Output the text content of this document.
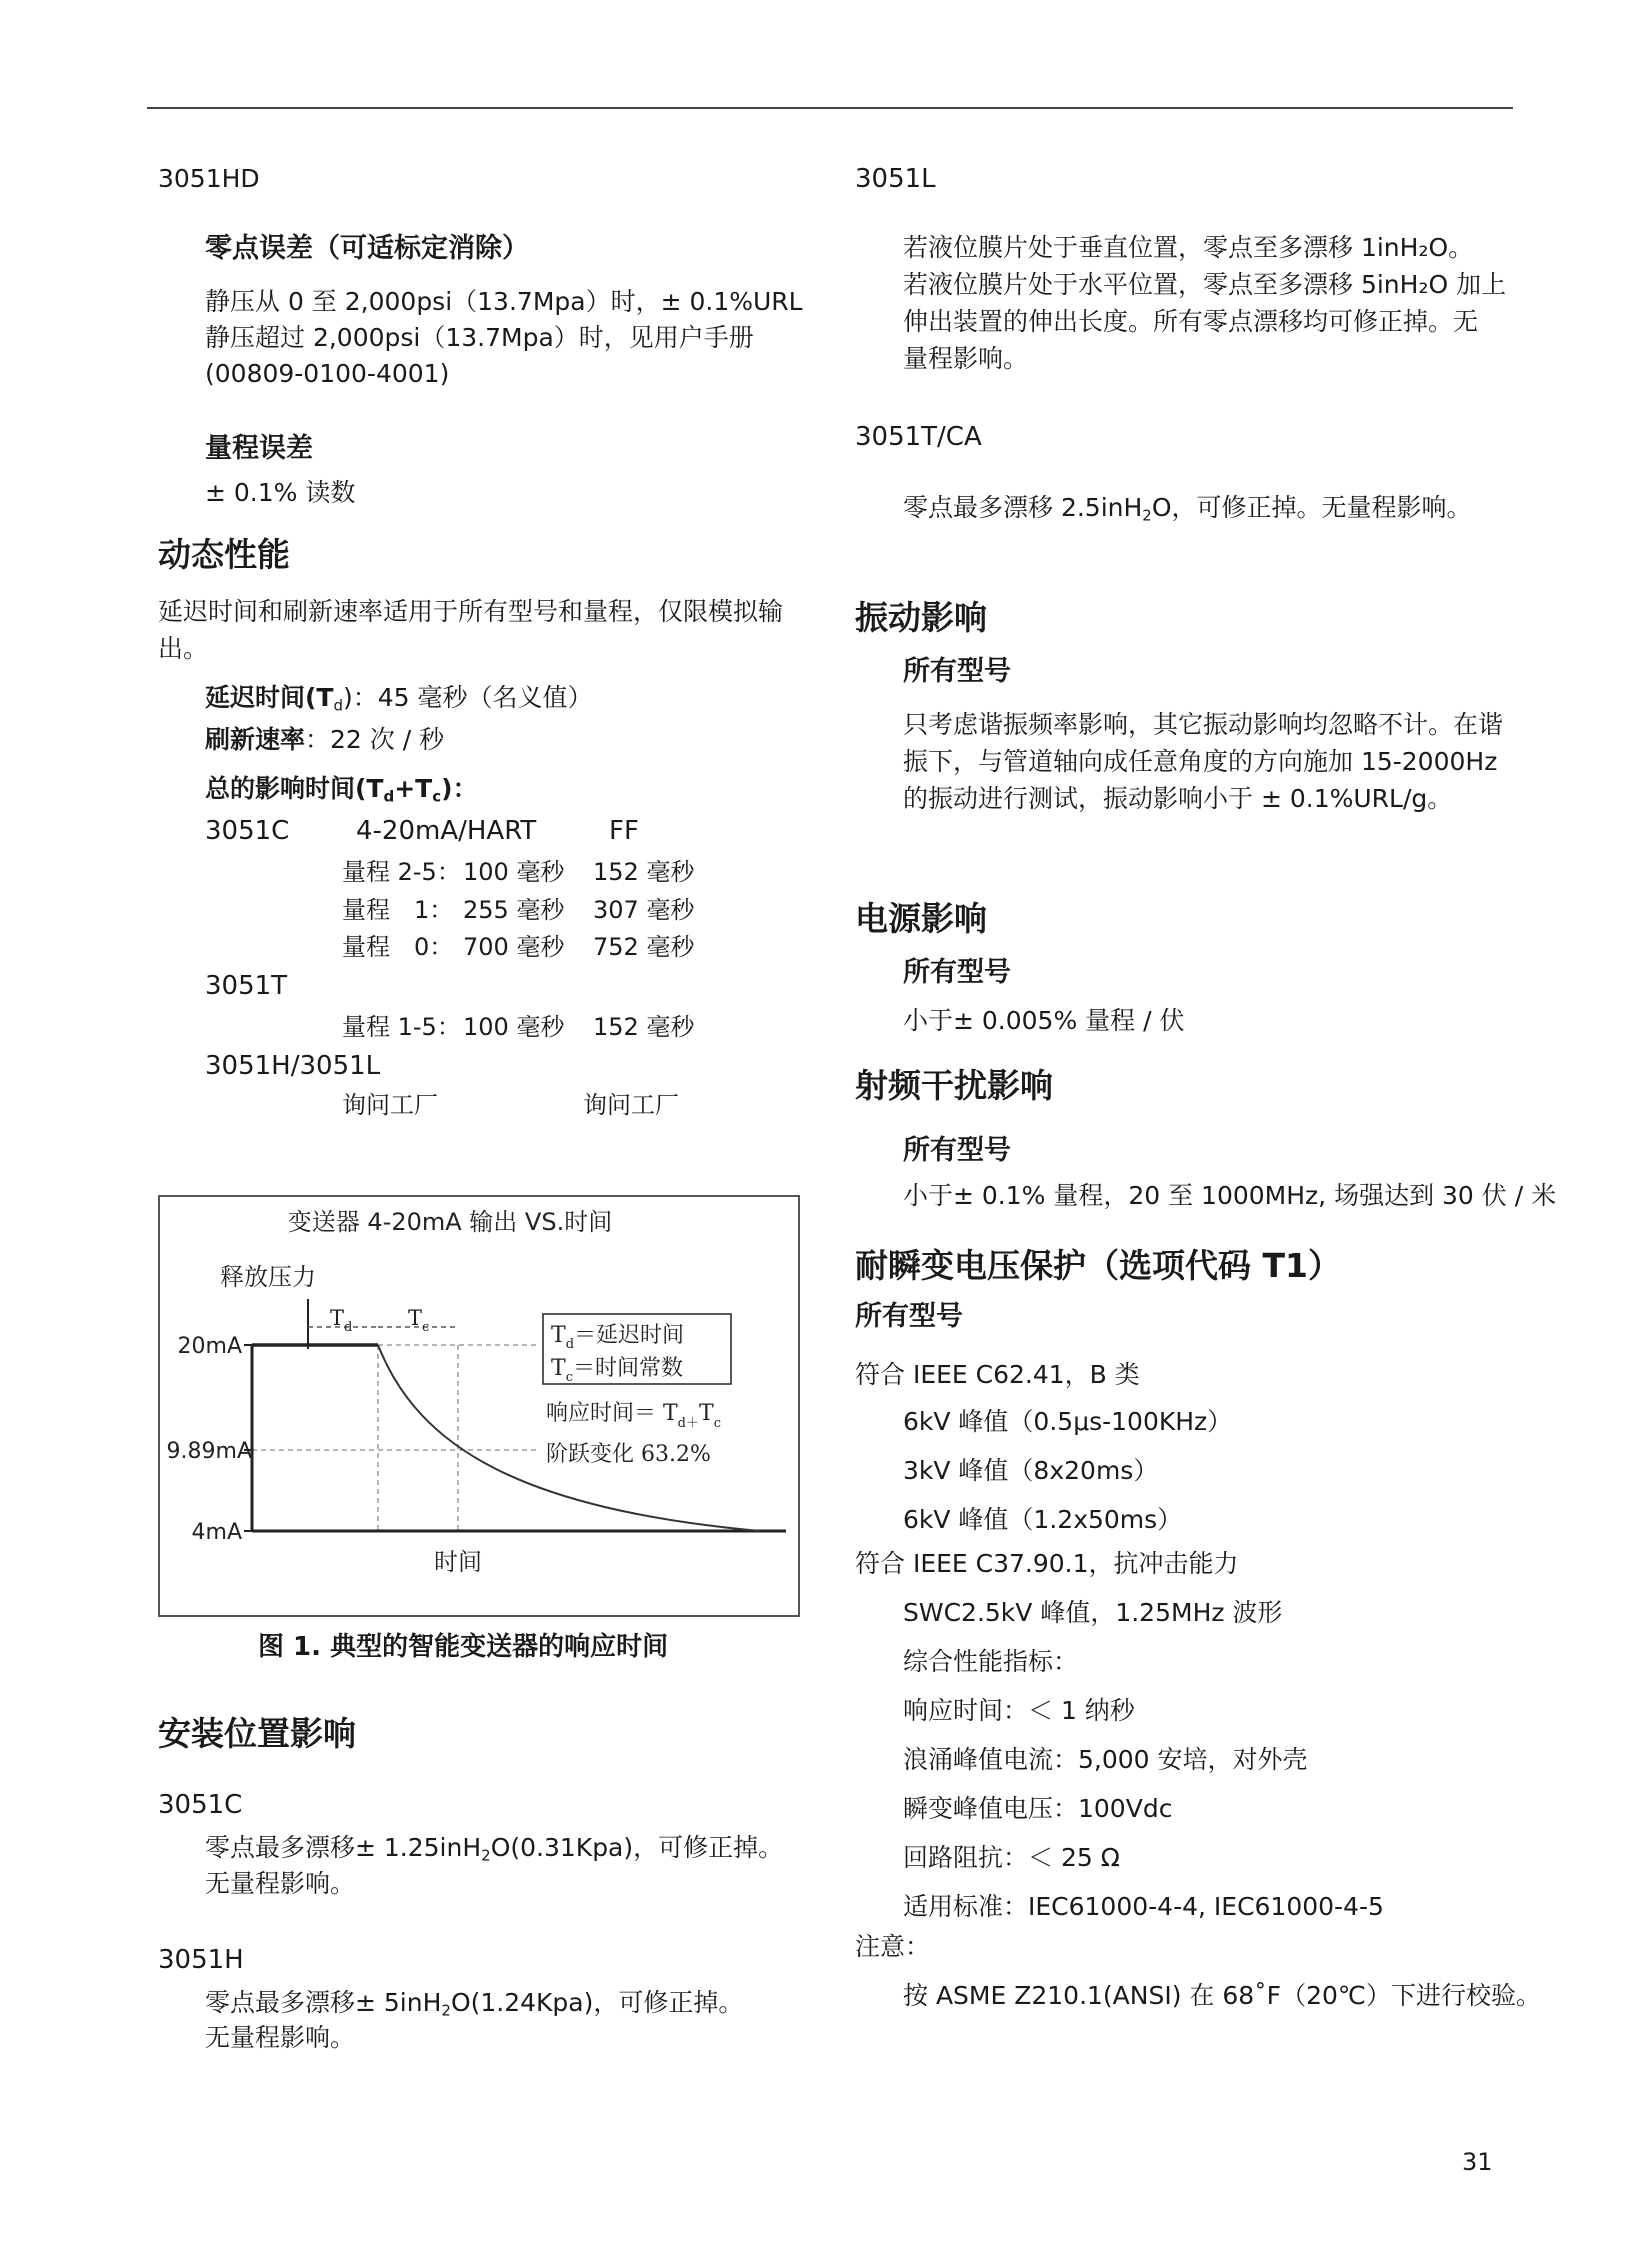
3051HD
零点误差（可适标定消除）
静压从 0 至 2,000psi（13.7Mpa）时，± 0.1%URL
静压超过 2,000psi（13.7Mpa）时，见用户手册
(00809-0100-4001)
量程误差
± 0.1% 读数
动态性能
延迟时间和刷新速率适用于所有型号和量程，仅限模拟输出。
延迟时间$(T_d)$：45 毫秒（名义值）
刷新速率：22 次 / 秒
总的影响时间$(T_d+T_c)$：
3051C	4-20mA/HART	FF
量程 2-5： 100 毫秒 152 毫秒
量程　1： 255 毫秒 307 毫秒
量程　0： 700 毫秒 752 毫秒
3051T
量程 1-5： 100 毫秒 152 毫秒
3051H/3051L
询问工厂	询问工厂
变送器 4-20mA 输出 VS.时间
释放压力
$T_d$	$T_c$
20mA
9.89mA
4mA
时间
$T_d=$延迟时间
$T_c=$时间常数
响应时间＝ $T_{d+}T_c$
阶跃变化 63.2%
图 1. 典型的智能变送器的响应时间
安装位置影响
3051C
零点最多漂移± 1.25inH$_2$O(0.31Kpa)，可修正掉。
无量程影响。
3051H
零点最多漂移± 5inH$_2$O(1.24Kpa)，可修正掉。
无量程影响。
3051L
若液位膜片处于垂直位置，零点至多漂移 1inH₂O。
若液位膜片处于水平位置，零点至多漂移 5inH₂O 加上
伸出装置的伸出长度。所有零点漂移均可修正掉。无
量程影响。
3051T/CA
零点最多漂移 2.5inH$_2$O，可修正掉。无量程影响。
振动影响
所有型号
只考虑谐振频率影响，其它振动影响均忽略不计。在谐
振下，与管道轴向成任意角度的方向施加 15-2000Hz
的振动进行测试，振动影响小于 ± 0.1%URL/g。
电源影响
所有型号
小于± 0.005% 量程 / 伏
射频干扰影响
所有型号
小于± 0.1% 量程，20 至 1000MHz, 场强达到 30 伏 / 米
耐瞬变电压保护（选项代码 T1）
所有型号
符合 IEEE C62.41，B 类
6kV 峰值（0.5μs-100KHz）
3kV 峰值（8x20ms）
6kV 峰值（1.2x50ms）
符合 IEEE C37.90.1，抗冲击能力
SWC2.5kV 峰值，1.25MHz 波形
综合性能指标：
响应时间：＜ 1 纳秒
浪涌峰值电流：5,000 安培，对外壳
瞬变峰值电压：100Vdc
回路阻抗：＜ 25 Ω
适用标准：IEC61000-4-4, IEC61000-4-5
注意：
按 ASME Z210.1(ANSI) 在 68˚F（20℃）下进行校验。
31
